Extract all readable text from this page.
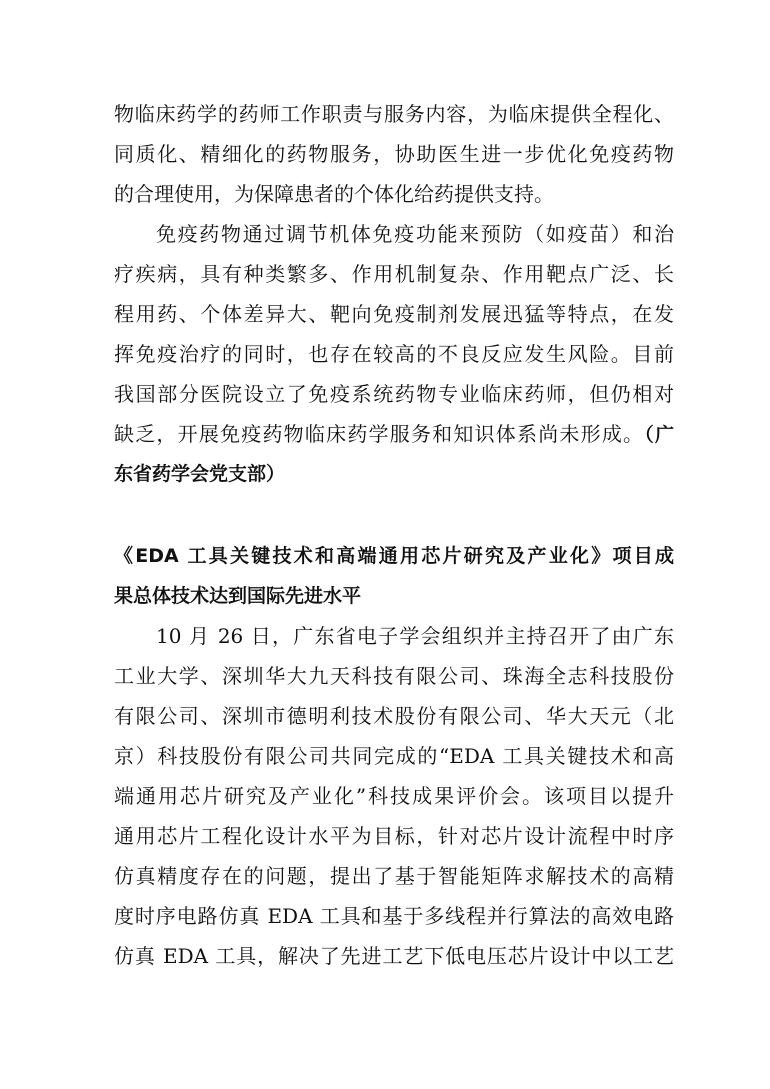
物临床药学的药师工作职责与服务内容，为临床提供全程化、
同质化、精细化的药物服务，协助医生进一步优化免疫药物
的合理使用，为保障患者的个体化给药提供支持。
免疫药物通过调节机体免疫功能来预防（如疫苗）和治
疗疾病，具有种类繁多、作用机制复杂、作用靶点广泛、长
程用药、个体差异大、靶向免疫制剂发展迅猛等特点，在发
挥免疫治疗的同时，也存在较高的不良反应发生风险。目前
我国部分医院设立了免疫系统药物专业临床药师，但仍相对
缺乏，开展免疫药物临床药学服务和知识体系尚未形成。（广
东省药学会党支部）
《EDA 工具关键技术和高端通用芯片研究及产业化》项目成
果总体技术达到国际先进水平
10 月 26 日，广东省电子学会组织并主持召开了由广东
工业大学、深圳华大九天科技有限公司、珠海全志科技股份
有限公司、深圳市德明利技术股份有限公司、华大天元（北
京）科技股份有限公司共同完成的“EDA 工具关键技术和高
端通用芯片研究及产业化”科技成果评价会。该项目以提升
通用芯片工程化设计水平为目标，针对芯片设计流程中时序
仿真精度存在的问题，提出了基于智能矩阵求解技术的高精
度时序电路仿真 EDA 工具和基于多线程并行算法的高效电路
仿真 EDA 工具，解决了先进工艺下低电压芯片设计中以工艺
